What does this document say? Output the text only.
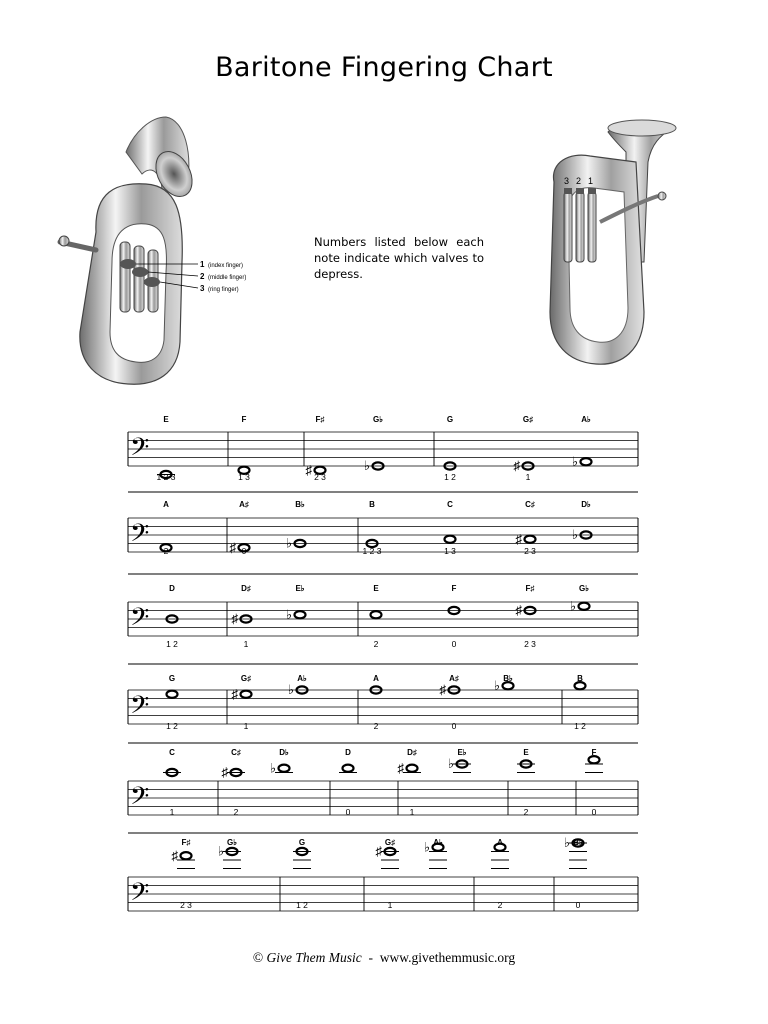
Baritone Fingering Chart
1 (index finger)
2 (middle finger)
3 (ring finger)
Numbers listed below each note indicate which valves to depress.
3 2 1
𝄢
E
1 2 3
F
1 3
F♯
♯ 2 3
G♭
♭
G
1 2
G♯
♯
1
A♭
♭
𝄢
A
2
A♯
♯ 0
B♭
♭
B
1 2 3
C
1 3
C♯
♯
2 3
D♭
♭
𝄢
D
1 2
D♯
♯
1
E♭
♭
E
2
F
0
F♯
♯
2 3
G♭
♭
𝄢
G
1 2
G♯
♯
1
A♭
♭
A
2
A♯
♯
0
B♭
♭	B
1 2
𝄢
C
1
C♯
♯
2
D♭
♭
D
0
D♯
♯
1
E♭
♭
E
2
F
0
𝄢
F♯
♯
2 3
G♭
♭
G
1 2
G♯
♯
1
A♭
♭	A
2
B♭
♭
0
© Give Them Music - www.givethemmusic.org
